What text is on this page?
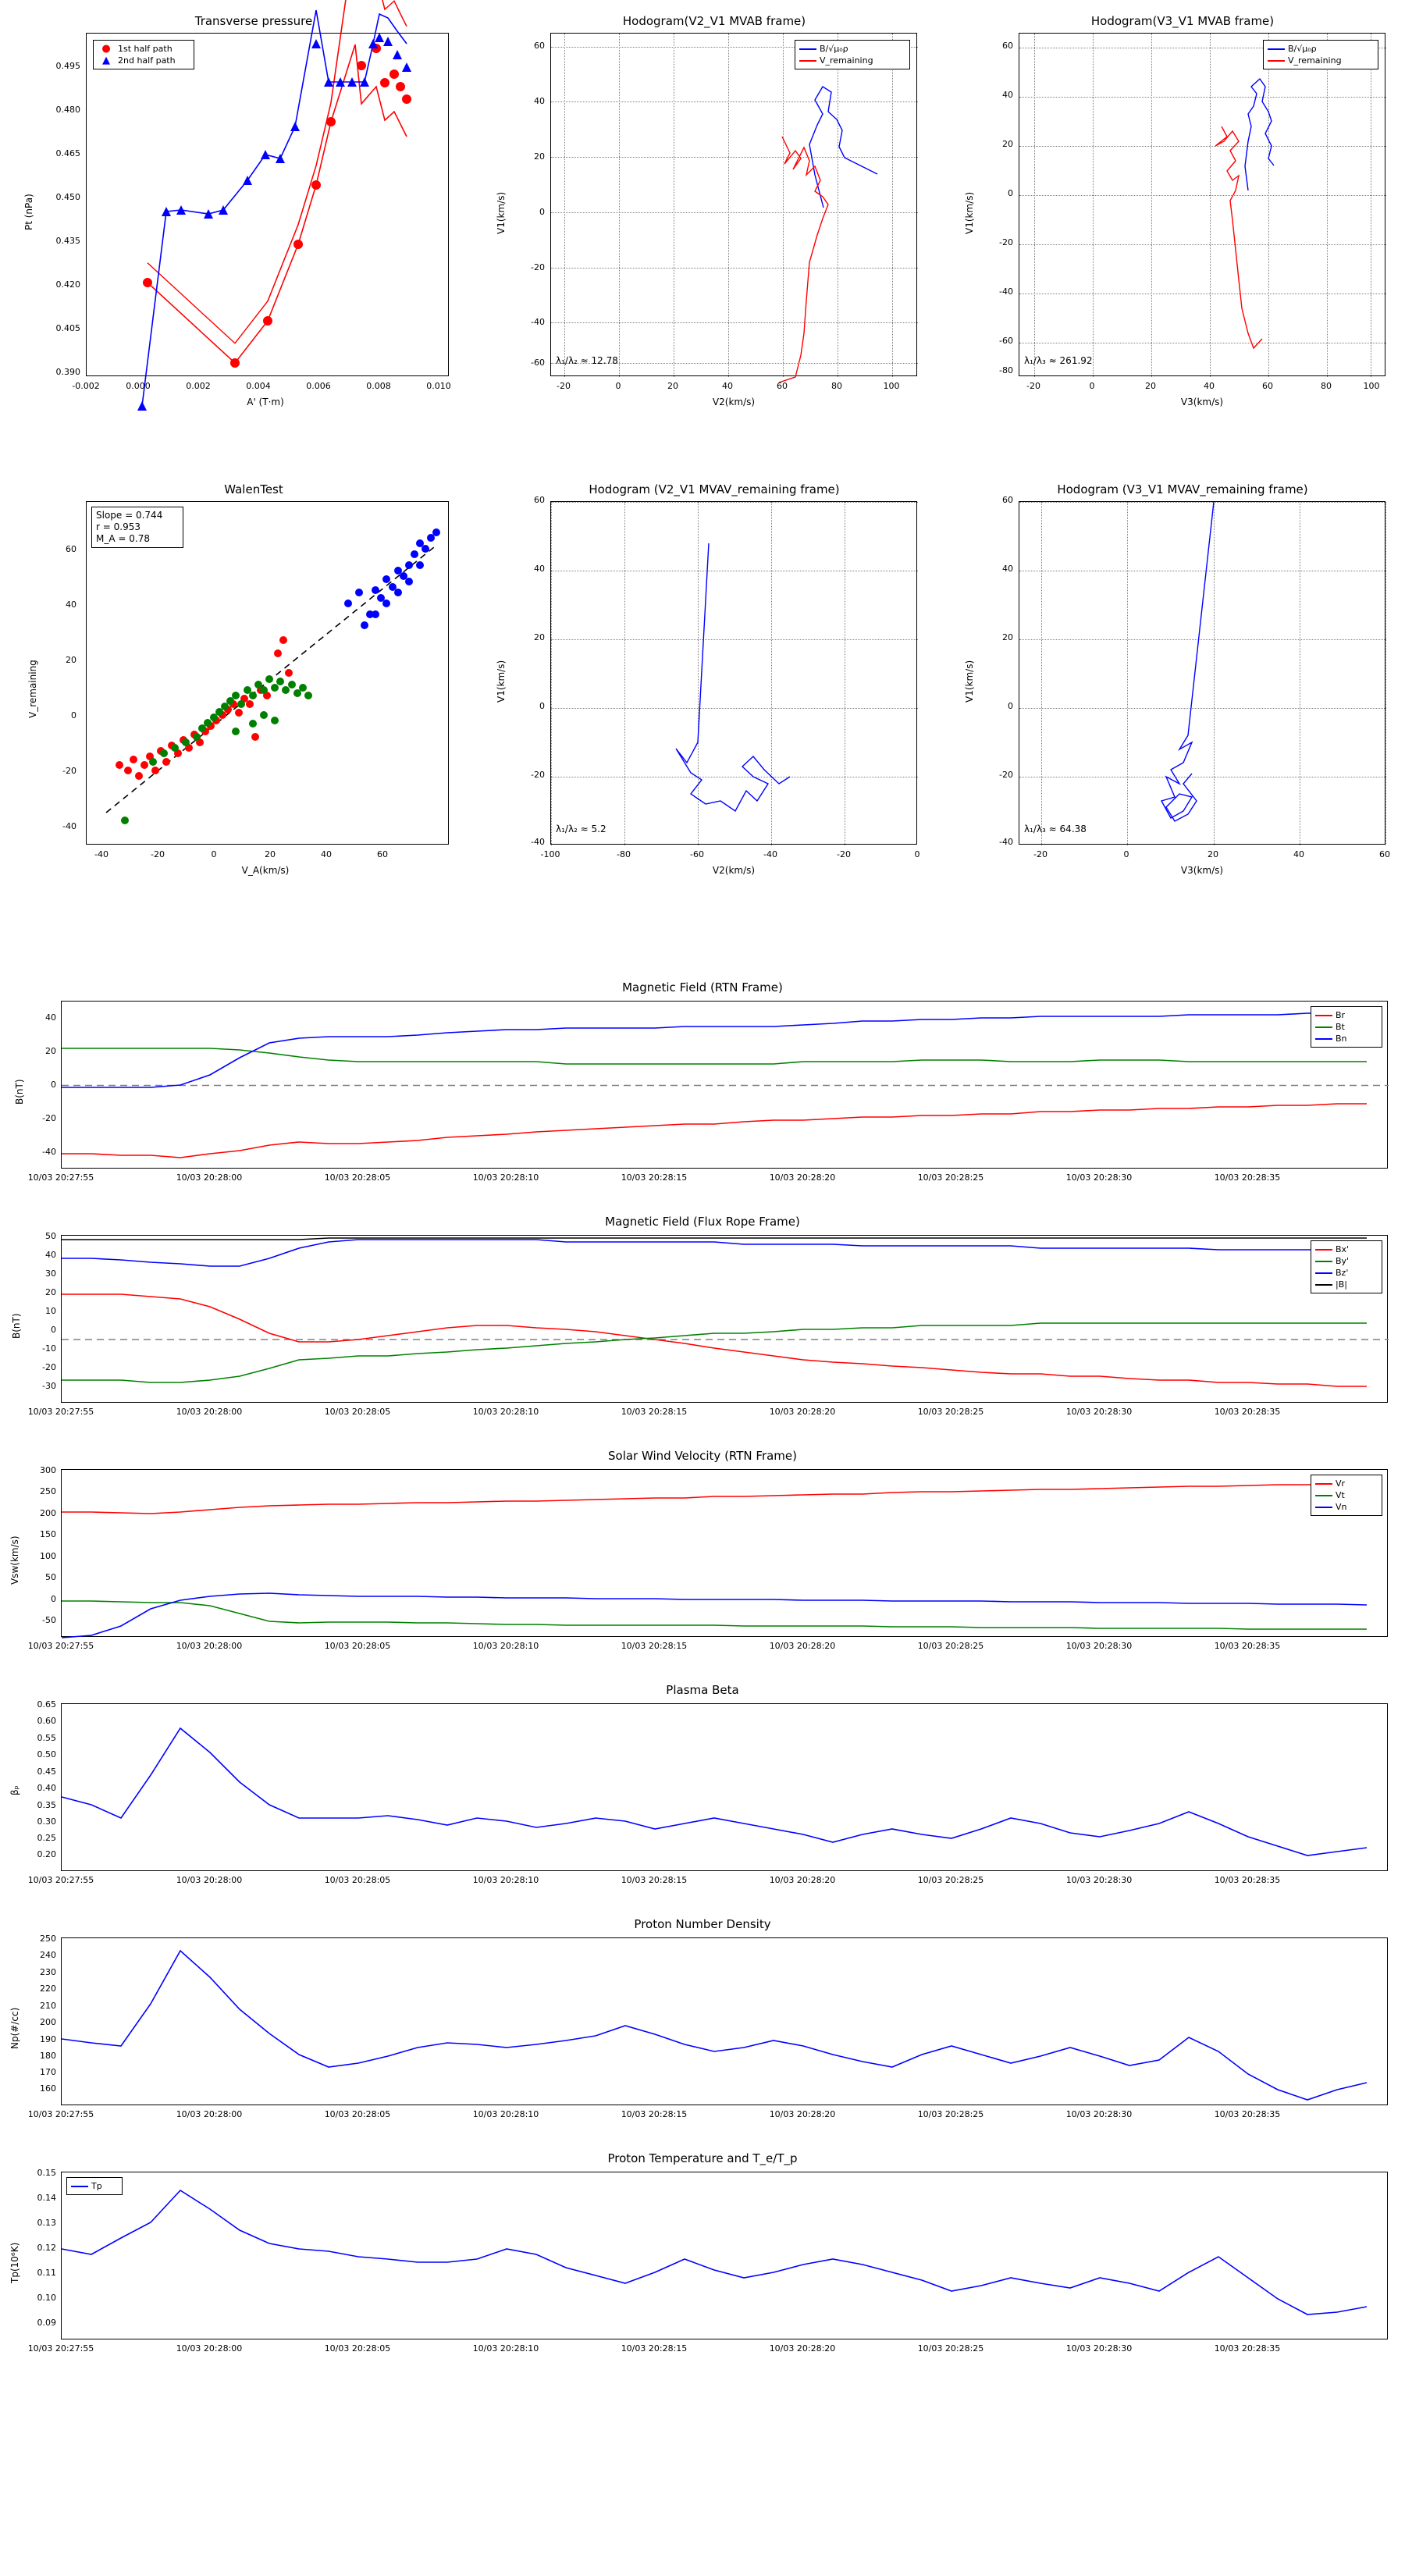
Transverse pressure
● 1st half path
▲ 2nd half path
0.495
0.480
0.465
0.450
0.435
0.420
0.405
0.390
-0.002	0.000	0.002	0.004	0.006	0.008	0.010
A' (T·m)
Pt (nPa)
Hodogram(V2_V1 MVAB frame)
B/√μ₀ρ
V_remaining
λ₁/λ₂ ≈ 12.78
60
40
20
0
-20
-40
-60
-20	0	20	40	60	80	100
V2(km/s)
V1(km/s)
Hodogram(V3_V1 MVAB frame)
B/√μ₀ρ
V_remaining
λ₁/λ₃ ≈ 261.92
60
40
20
0
-20
-40
-60
-80
-20	0	20	40	60	80	100
V3(km/s)
V1(km/s)
WalenTest
Slope = 0.744
r = 0.953
M_A = 0.78
60
40
20
0
-20
-40
-40	-20	0	20	40	60
V_A(km/s)
V_remaining
Hodogram (V2_V1 MVAV_remaining frame)
λ₁/λ₂ ≈ 5.2
60
40
20
0
-20
-40
-100	-80	-60	-40	-20	0
V2(km/s)
V1(km/s)
Hodogram (V3_V1 MVAV_remaining frame)
λ₁/λ₃ ≈ 64.38
60
40
20
0
-20
-40
-20	0	20	40	60
V3(km/s)
V1(km/s)
Magnetic Field (RTN Frame)
Br
Bt
Bn
40
20
0
-20
-40
B(nT)
10/03 20:27:55	10/03 20:28:00	10/03 20:28:05	10/03 20:28:10	10/03 20:28:15	10/03 20:28:20	10/03 20:28:25	10/03 20:28:30	10/03 20:28:35
Magnetic Field (Flux Rope Frame)
Bx'
By'
Bz'
|B|
50
40
30
20
10
0
-10
-20
-30
B(nT)
10/03 20:27:55	10/03 20:28:00	10/03 20:28:05	10/03 20:28:10	10/03 20:28:15	10/03 20:28:20	10/03 20:28:25	10/03 20:28:30	10/03 20:28:35
Solar Wind Velocity (RTN Frame)
Vr
Vt
Vn
300
250
200
150
100
50
0
-50
Vsw(km/s)
10/03 20:27:55	10/03 20:28:00	10/03 20:28:05	10/03 20:28:10	10/03 20:28:15	10/03 20:28:20	10/03 20:28:25	10/03 20:28:30	10/03 20:28:35
Plasma Beta
0.65
0.60
0.55
0.50
0.45
0.40
0.35
0.30
0.25
0.20
βₚ
10/03 20:27:55	10/03 20:28:00	10/03 20:28:05	10/03 20:28:10	10/03 20:28:15	10/03 20:28:20	10/03 20:28:25	10/03 20:28:30	10/03 20:28:35
Proton Number Density
250
240
230
220
210
200
190
180
170
160
Np(#/cc)
10/03 20:27:55	10/03 20:28:00	10/03 20:28:05	10/03 20:28:10	10/03 20:28:15	10/03 20:28:20	10/03 20:28:25	10/03 20:28:30	10/03 20:28:35
Proton Temperature and T_e/T_p
Tp
0.15
0.14
0.13
0.12
0.11
0.10
0.09
Tp(10⁶K)
10/03 20:27:55	10/03 20:28:00	10/03 20:28:05	10/03 20:28:10	10/03 20:28:15	10/03 20:28:20	10/03 20:28:25	10/03 20:28:30	10/03 20:28:35
